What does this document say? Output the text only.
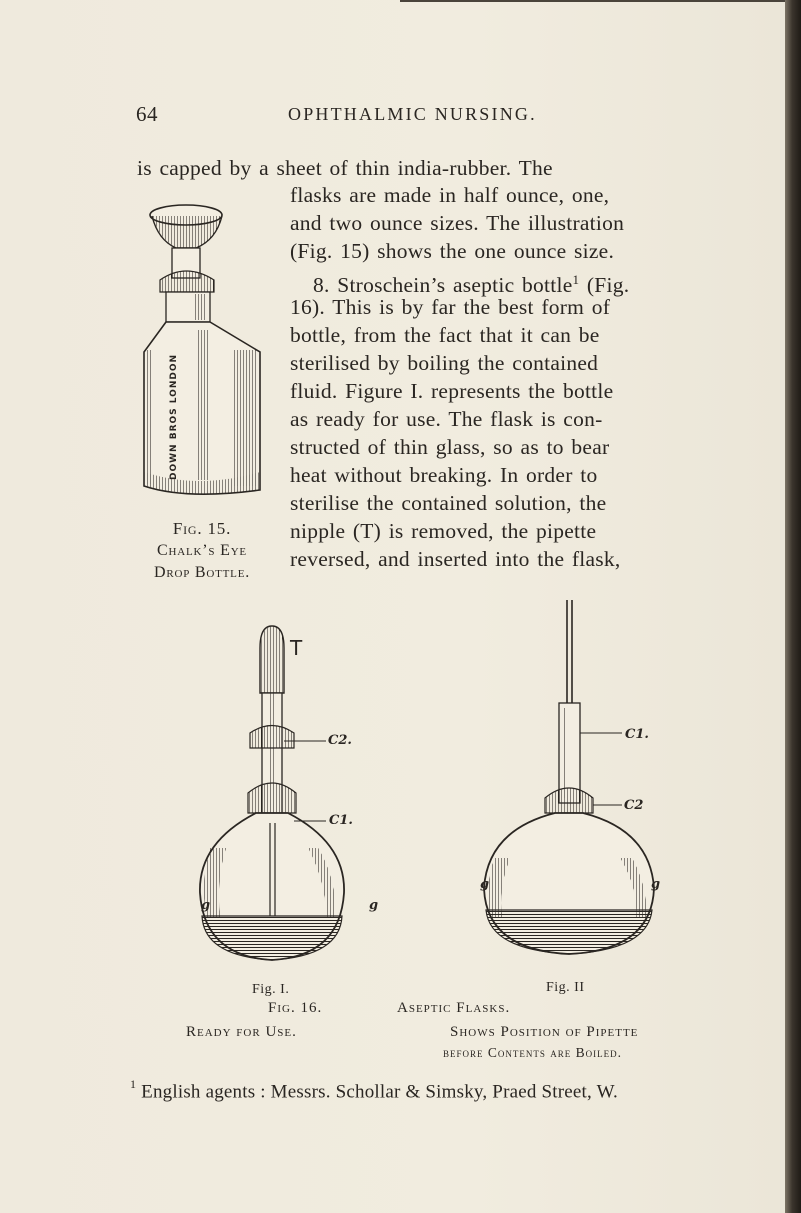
64	OPHTHALMIC NURSING.
is capped by a sheet of thin india-rubber. The
flasks are made in half ounce, one,
and two ounce sizes. The illustration
(Fig. 15) shows the one ounce size.
8. Stroschein’s aseptic bottle$^1$ (Fig.
16). This is by far the best form of
bottle, from the fact that it can be
sterilised by boiling the contained
fluid. Figure I. represents the bottle
as ready for use. The flask is con-
structed of thin glass, so as to bear
heat without breaking. In order to
sterilise the contained solution, the
nipple (T) is removed, the pipette
reversed, and inserted into the flask,
DOWN BROS LONDON
Fig. 15.
Chalk’s Eye
Drop Bottle.
T
C2.
C1.
g	g
C1.
C2
g	g
Fig. I.	Fig. II
Fig. 16.	Aseptic Flasks.
Ready for Use.	Shows Position of Pipette
before Contents are Boiled.
$^1$ English agents : Messrs. Schollar & Simsky, Praed Street, W.
